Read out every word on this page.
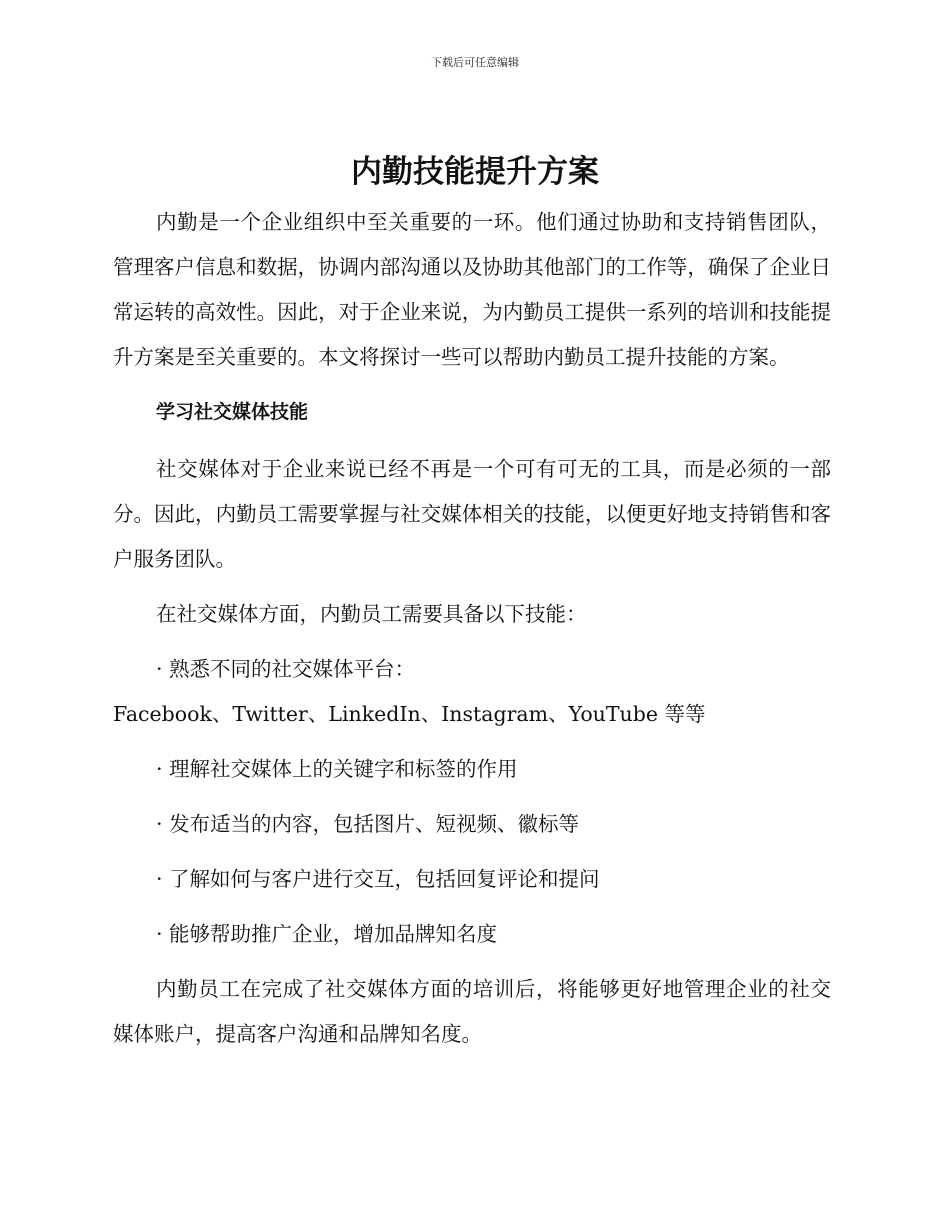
下载后可任意编辑
内勤技能提升方案

内勤是一个企业组织中至关重要的一环。他们通过协助和支持销售团队，管理客户信息和数据，协调内部沟通以及协助其他部门的工作等，确保了企业日常运转的高效性。因此，对于企业来说，为内勤员工提供一系列的培训和技能提升方案是至关重要的。本文将探讨一些可以帮助内勤员工提升技能的方案。

学习社交媒体技能

社交媒体对于企业来说已经不再是一个可有可无的工具，而是必须的一部分。因此，内勤员工需要掌握与社交媒体相关的技能，以便更好地支持销售和客户服务团队。

在社交媒体方面，内勤员工需要具备以下技能：

· 熟悉不同的社交媒体平台：

Facebook、Twitter、LinkedIn、Instagram、YouTube 等等

· 理解社交媒体上的关键字和标签的作用

· 发布适当的内容，包括图片、短视频、徽标等

· 了解如何与客户进行交互，包括回复评论和提问

· 能够帮助推广企业，增加品牌知名度

内勤员工在完成了社交媒体方面的培训后，将能够更好地管理企业的社交媒体账户，提高客户沟通和品牌知名度。
